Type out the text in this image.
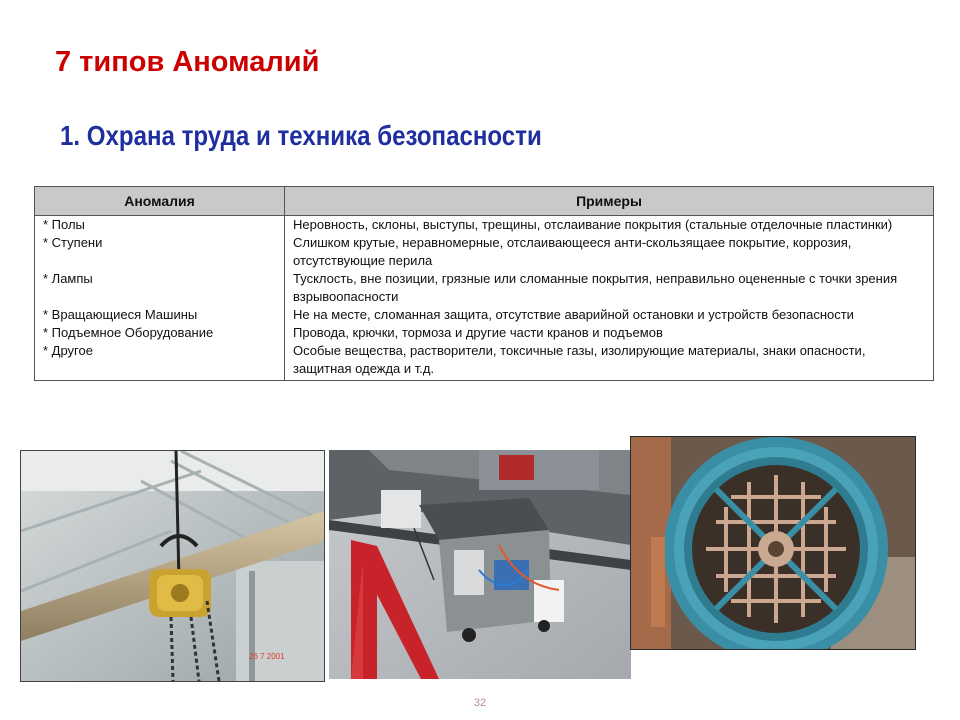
7 типов Аномалий
1. Охрана труда и техника безопасности
Аномалия	Примеры
* Полы	Неровность, склоны, выступы, трещины, отслаивание покрытия (стальные отделочные пластинки)
* Ступени	Слишком крутые, неравномерные, отслаивающееся анти-скользящаее покрытие, коррозия, отсутствующие перила
* Лампы	Тусклость, вне позиции, грязные или сломанные покрытия, неправильно оцененные с точки зрения взрывоопасности
* Вращающиеся Машины	Не на месте, сломанная защита, отсутствие аварийной остановки и устройств безопасности
* Подъемное Оборудование	Провода, крючки, тормоза и другие части кранов и подъемов
* Другое	Особые вещества, растворители, токсичные газы, изолирующие материалы, знаки опасности, защитная одежда и т.д.
26 7 2001
32
